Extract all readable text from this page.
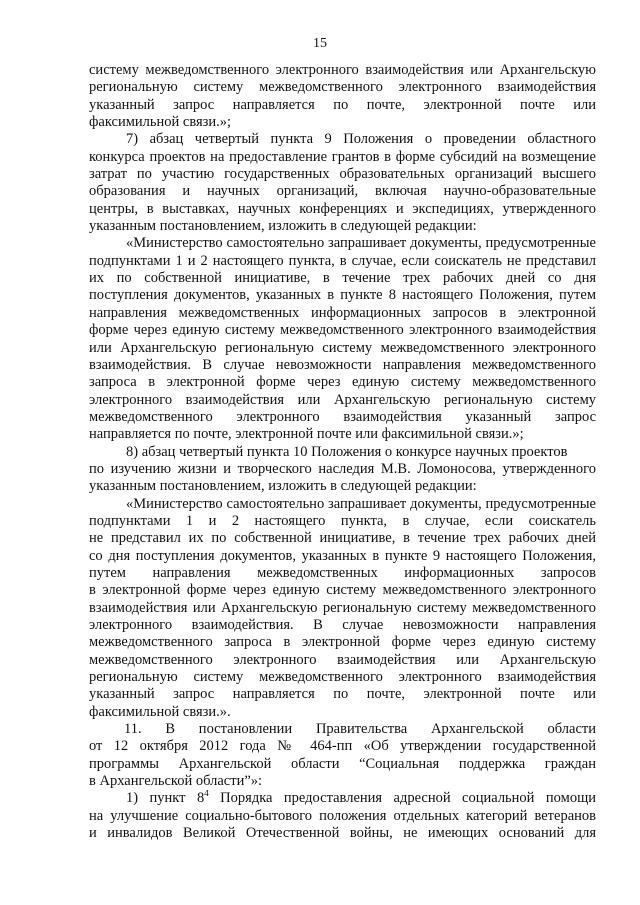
15
систему межведомственного электронного взаимодействия или Архангельскую
региональную систему межведомственного электронного взаимодействия
указанный запрос направляется по почте, электронной почте или
факсимильной связи.»;
7) абзац четвертый пункта 9 Положения о проведении областного
конкурса проектов на предоставление грантов в форме субсидий на возмещение
затрат по участию государственных образовательных организаций высшего
образования и научных организаций, включая научно-образовательные
центры, в выставках, научных конференциях и экспедициях, утвержденного
указанным постановлением, изложить в следующей редакции:
«Министерство самостоятельно запрашивает документы, предусмотренные
подпунктами 1 и 2 настоящего пункта, в случае, если соискатель не представил
их по собственной инициативе, в течение трех рабочих дней со дня
поступления документов, указанных в пункте 8 настоящего Положения, путем
направления межведомственных информационных запросов в электронной
форме через единую систему межведомственного электронного взаимодействия
или Архангельскую региональную систему межведомственного электронного
взаимодействия. В случае невозможности направления межведомственного
запроса в электронной форме через единую систему межведомственного
электронного взаимодействия или Архангельскую региональную систему
межведомственного электронного взаимодействия указанный запрос
направляется по почте, электронной почте или факсимильной связи.»;
8) абзац четвертый пункта 10 Положения о конкурсе научных проектов
по изучению жизни и творческого наследия М.В. Ломоносова, утвержденного
указанным постановлением, изложить в следующей редакции:
«Министерство самостоятельно запрашивает документы, предусмотренные
подпунктами 1 и 2 настоящего пункта, в случае, если соискатель
не представил их по собственной инициативе, в течение трех рабочих дней
со дня поступления документов, указанных в пункте 9 настоящего Положения,
путем направления межведомственных информационных запросов
в электронной форме через единую систему межведомственного электронного
взаимодействия или Архангельскую региональную систему межведомственного
электронного взаимодействия. В случае невозможности направления
межведомственного запроса в электронной форме через единую систему
межведомственного электронного взаимодействия или Архангельскую
региональную систему межведомственного электронного взаимодействия
указанный запрос направляется по почте, электронной почте или
факсимильной связи.».
11. В постановлении Правительства Архангельской области
от 12 октября 2012 года № 464-пп «Об утверждении государственной
программы Архангельской области “Социальная поддержка граждан
в Архангельской области”»:
1) пункт $8^4$ Порядка предоставления адресной социальной помощи
на улучшение социально-бытового положения отдельных категорий ветеранов
и инвалидов Великой Отечественной войны, не имеющих оснований для
